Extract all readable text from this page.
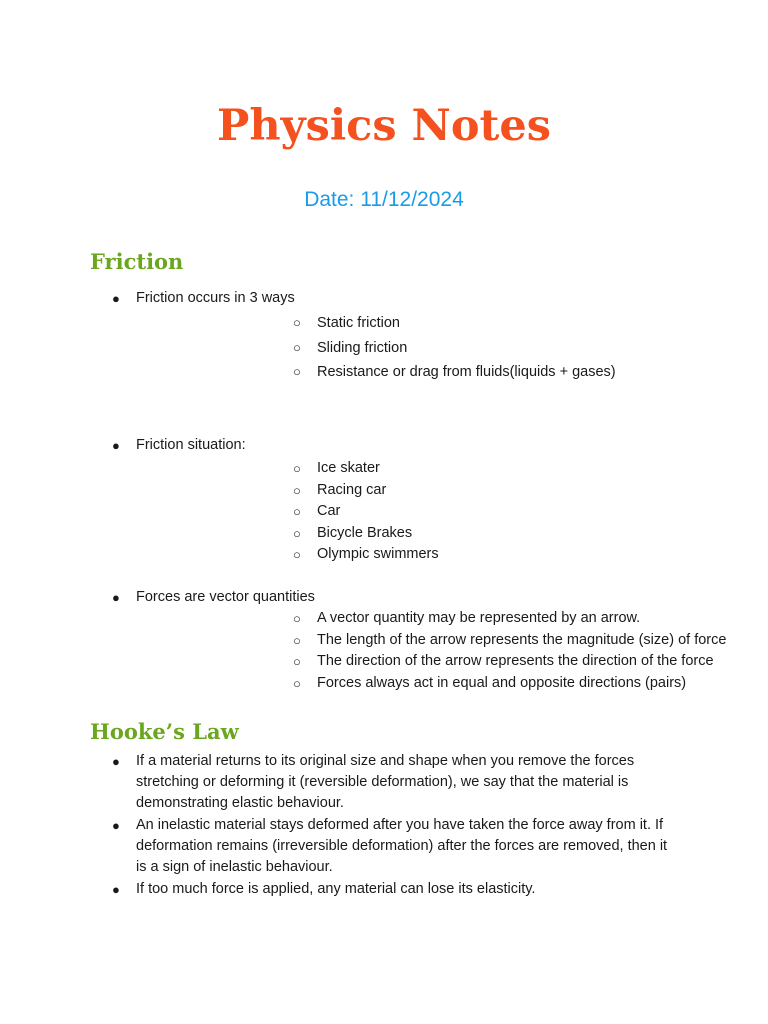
Physics Notes

Date: 11/12/2024

Friction
● Friction occurs in 3 ways
○ Static friction
○ Sliding friction
○ Resistance or drag from fluids(liquids + gases)
● Friction situation:
○ Ice skater
○ Racing car
○ Car
○ Bicycle Brakes
○ Olympic swimmers
● Forces are vector quantities
○ A vector quantity may be represented by an arrow.
○ The length of the arrow represents the magnitude (size) of force
○ The direction of the arrow represents the direction of the force
○ Forces always act in equal and opposite directions (pairs)
Hooke’s Law
● If a material returns to its original size and shape when you remove the forces stretching or deforming it (reversible deformation), we say that the material is demonstrating elastic behaviour.
● An inelastic material stays deformed after you have taken the force away from it. If deformation remains (irreversible deformation) after the forces are removed, then it is a sign of inelastic behaviour.
● If too much force is applied, any material can lose its elasticity.
